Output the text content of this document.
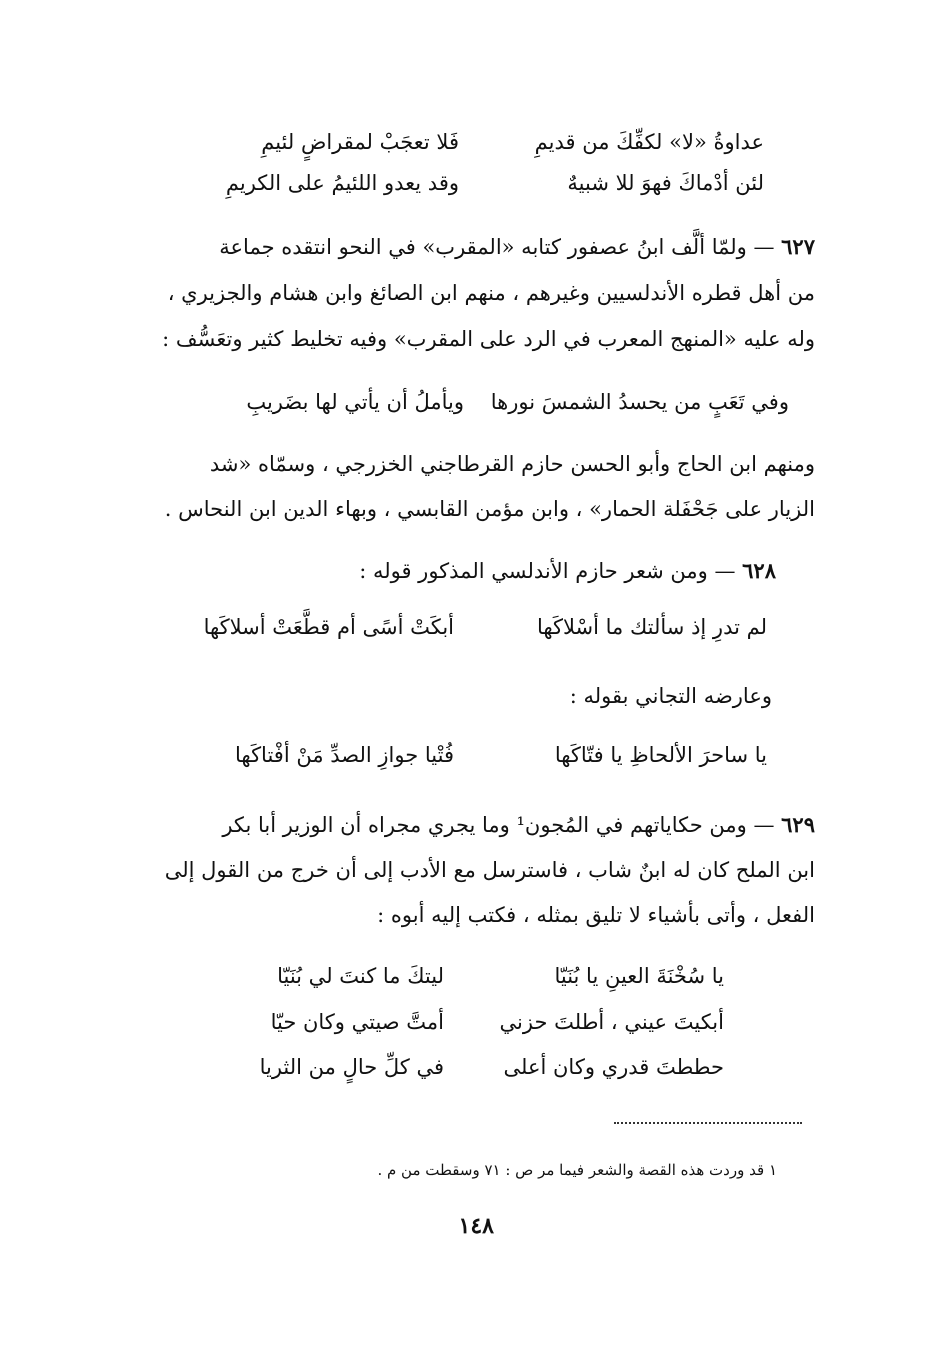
عداوةُ «لا» لكفِّكَ من قديمِ
فَلا تعجَبْ لمقراضٍ لئيمِ
لئن أدْماكَ فهوَ للا شبيهٌ
وقد يعدو اللئيمُ على الكريمِ
٦٢٧ — ولمّا ألَّف ابنُ عصفور كتابه «المقرب» في النحو انتقده جماعة
من أهل قطره الأندلسيين وغيرهم ، منهم ابن الصائغ وابن هشام والجزيري ،
وله عليه «المنهج المعرب في الرد على المقرب» وفيه تخليط كثير وتعَسُّف :
وفي تَعَبٍ من يحسدُ الشمسَ نورها
ويأملُ أن يأتي لها بضَريبِ
ومنهم ابن الحاج وأبو الحسن حازم القرطاجني الخزرجي ، وسمّاه «شد
الزيار على جَحْفَلة الحمار» ، وابن مؤمن القابسي ، وبهاء الدين ابن النحاس .
٦٢٨ — ومن شعر حازم الأندلسي المذكور قوله :
لم تدرِ إذ سألتك ما أسْلاكَها
أبكَتْ أسًى أم قطَّعَتْ أسلاكَها
وعارضه التجاني بقوله :
يا ساحرَ الألحاظِ يا فتّاكَها
فُتْيا جوازِ الصدِّ مَنْ أفْتاكَها
٦٢٩ — ومن حكاياتهم في المُجون¹ وما يجري مجراه أن الوزير أبا بكر
ابن الملح كان له ابنٌ شاب ، فاسترسل مع الأدب إلى أن خرج من القول إلى
الفعل ، وأتى بأشياء لا تليق بمثله ، فكتب إليه أبوه :
يا سُخْنَةَ العينِ يا بُنَيّا
ليتكَ ما كنتَ لي بُنَيّا
أبكيتَ عيني ، أطلتَ حزني
أمتَّ صيتي وكان حيّا
حططتَ قدري وكان أعلى
في كلِّ حالٍ من الثريا
١ قد وردت هذه القصة والشعر فيما مر ص : ٧١ وسقطت من م .
١٤٨
